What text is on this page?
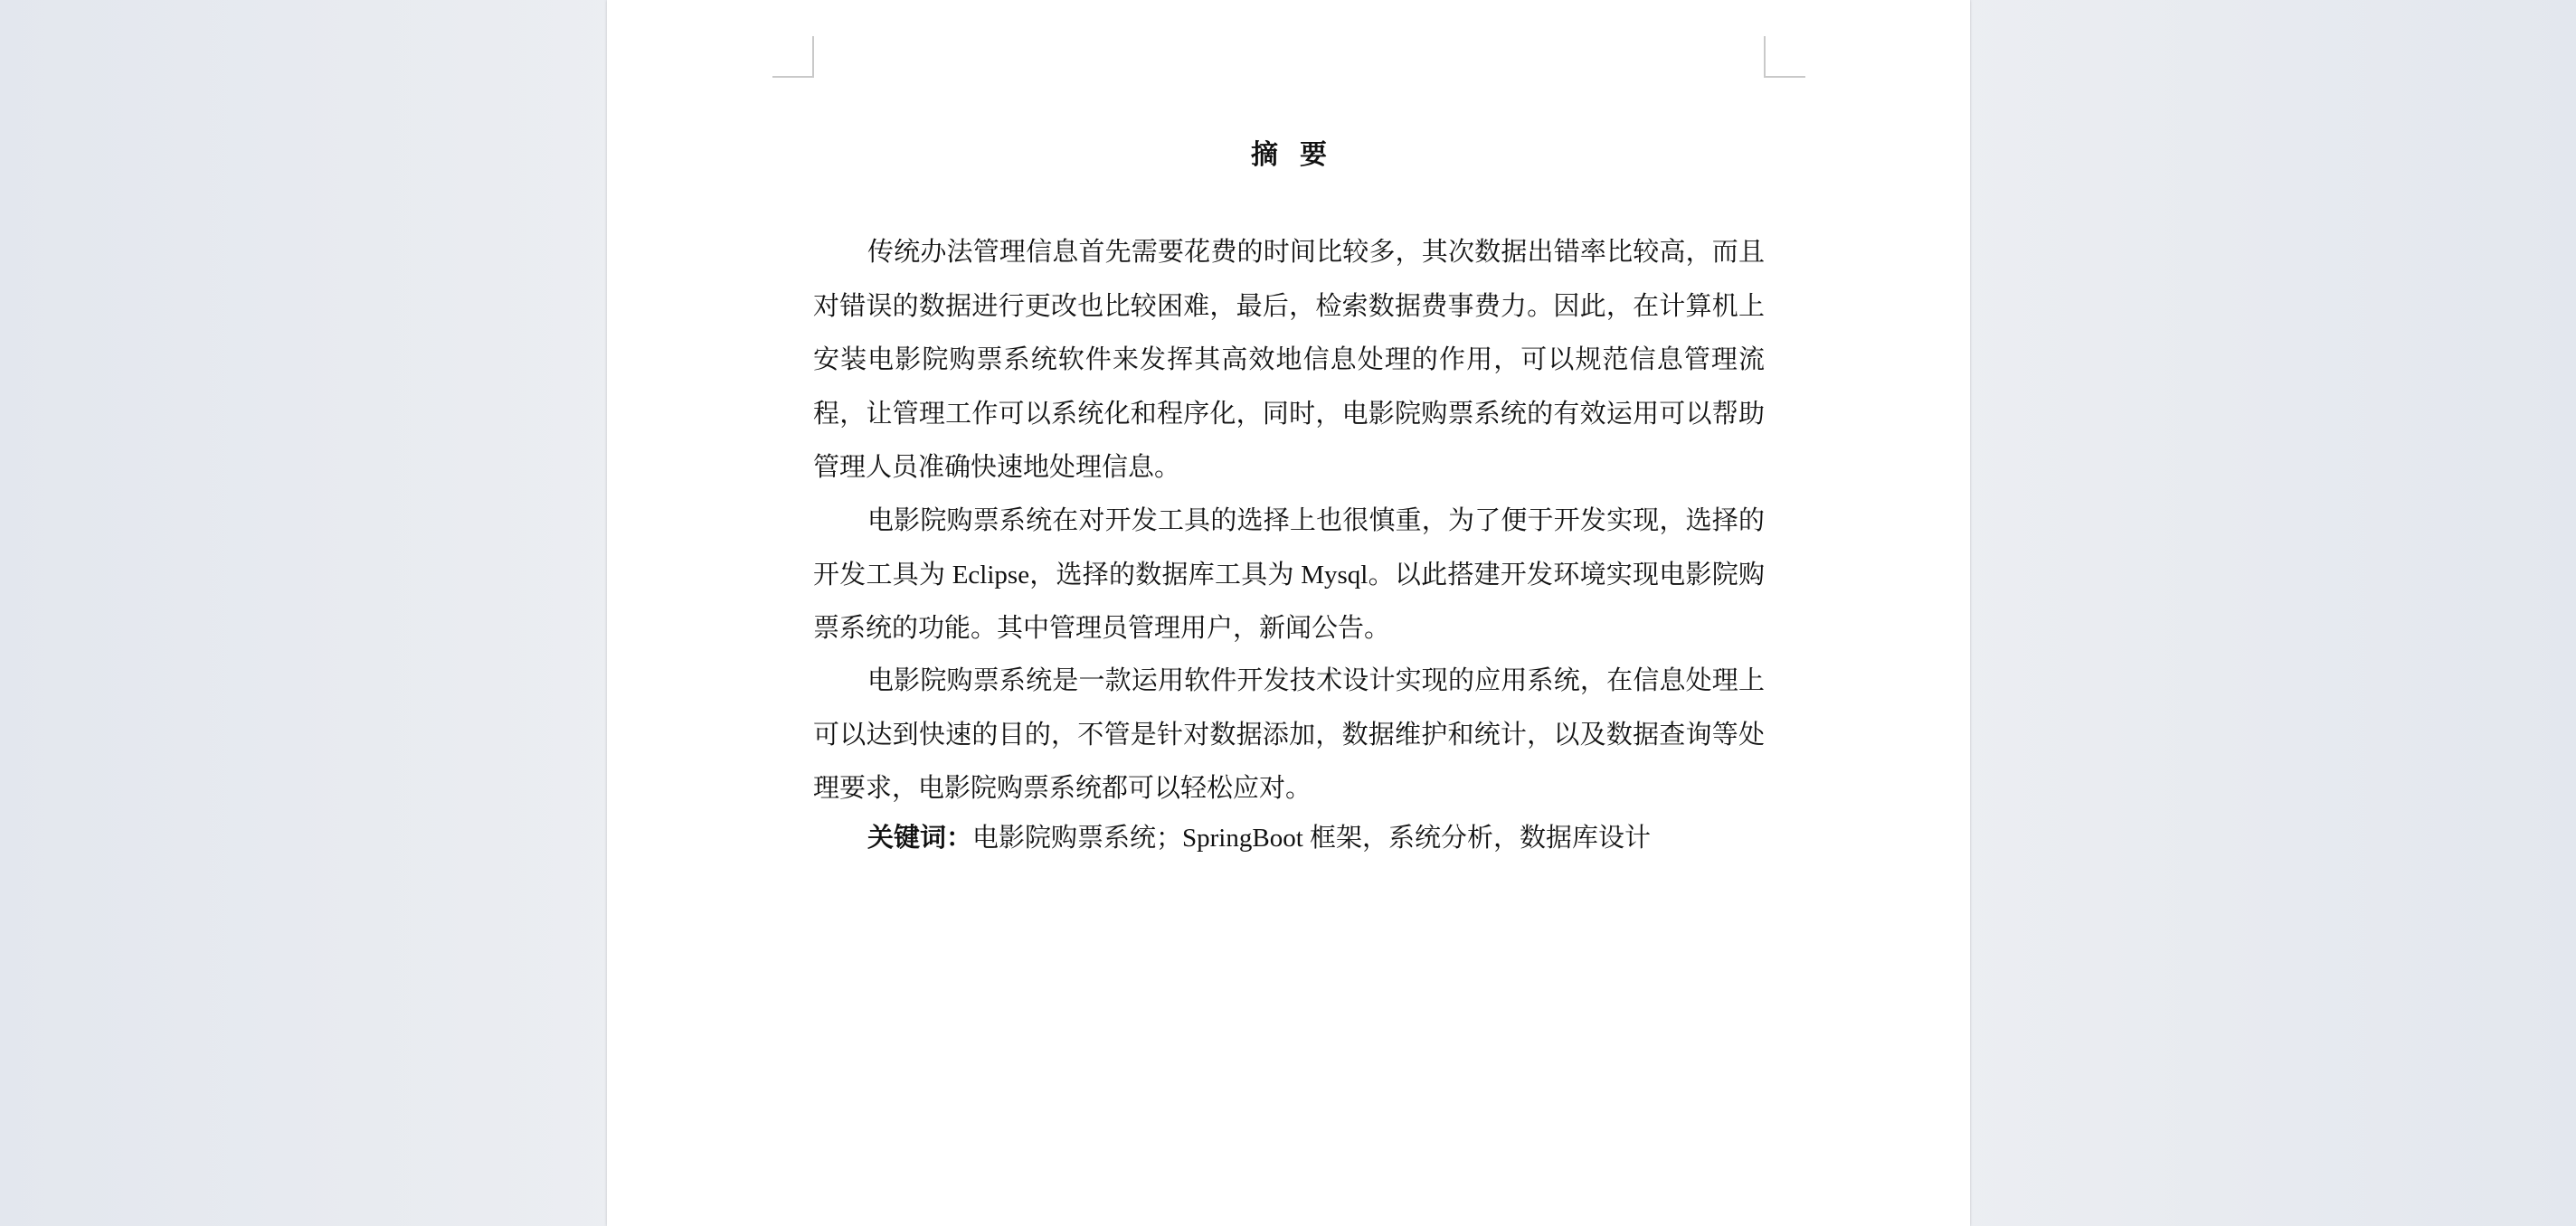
摘要

传统办法管理信息首先需要花费的时间比较多，其次数据出错率比较高，而且对错误的数据进行更改也比较困难，最后，检索数据费事费力。因此，在计算机上安装电影院购票系统软件来发挥其高效地信息处理的作用，可以规范信息管理流程，让管理工作可以系统化和程序化，同时，电影院购票系统的有效运用可以帮助管理人员准确快速地处理信息。

电影院购票系统在对开发工具的选择上也很慎重，为了便于开发实现，选择的开发工具为 Eclipse，选择的数据库工具为 Mysql。以此搭建开发环境实现电影院购票系统的功能。其中管理员管理用户，新闻公告。

电影院购票系统是一款运用软件开发技术设计实现的应用系统，在信息处理上可以达到快速的目的，不管是针对数据添加，数据维护和统计，以及数据查询等处理要求，电影院购票系统都可以轻松应对。

关键词：电影院购票系统；SpringBoot 框架，系统分析，数据库设计
